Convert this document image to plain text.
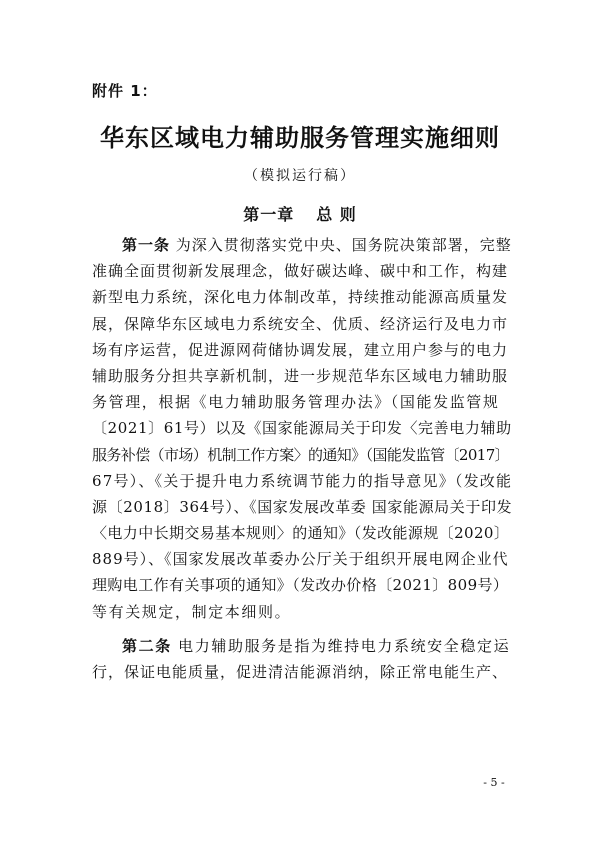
附件 1：
华东区域电力辅助服务管理实施细则
（模拟运行稿）
第一章 总 则
第一条 为深入贯彻落实党中央、国务院决策部署，完整
准确全面贯彻新发展理念，做好碳达峰、碳中和工作，构建
新型电力系统，深化电力体制改革，持续推动能源高质量发
展，保障华东区域电力系统安全、优质、经济运行及电力市
场有序运营，促进源网荷储协调发展，建立用户参与的电力
辅助服务分担共享新机制，进一步规范华东区域电力辅助服
务管理，根据《电力辅助服务管理办法》（国能发监管规
〔2021〕61号）以及《国家能源局关于印发〈完善电力辅助
服务补偿（市场）机制工作方案〉的通知》（国能发监管〔2017〕
67号）、《关于提升电力系统调节能力的指导意见》（发改能
源〔2018〕364号）、《国家发展改革委 国家能源局关于印发
〈电力中长期交易基本规则〉的通知》（发改能源规〔2020〕
889号）、《国家发展改革委办公厅关于组织开展电网企业代
理购电工作有关事项的通知》（发改办价格〔2021〕809号）
等有关规定，制定本细则。
第二条 电力辅助服务是指为维持电力系统安全稳定运
行，保证电能质量，促进清洁能源消纳，除正常电能生产、
- 5 -
